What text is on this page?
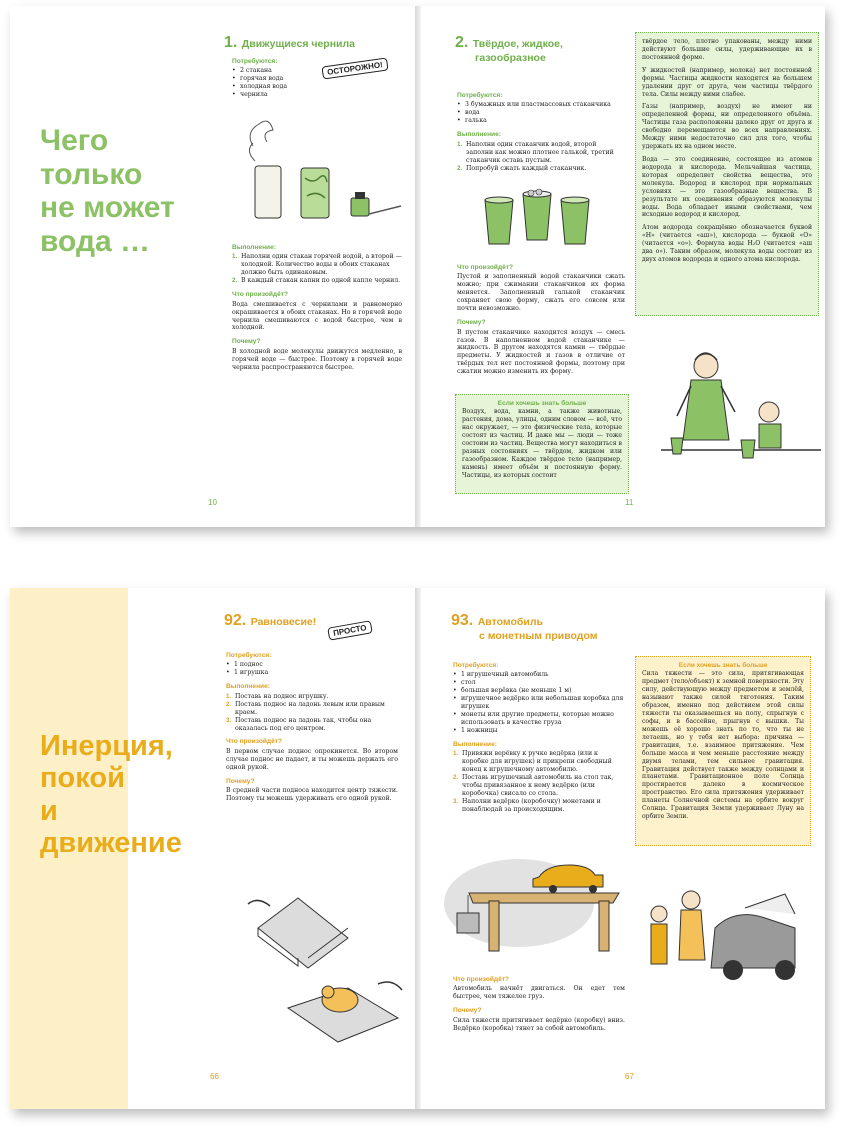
Чего
только
не может
вода …
1. Движущиеся чернила
ОСТОРОЖНО!
Потребуются:
• 2 стакана
• горячая вода
• холодная вода
• чернила
Выполнение:
Наполни один стакан горячей водой, а второй — холодной. Количество воды в обоих стаканах должно быть одинаковым.
В каждый стакан капни по одной капле чернил.
Что произойдёт?

Вода смешивается с чернилами и равномерно окрашивается в обоих стаканах. Но в горячей воде чернила смешиваются с водой быстрее, чем в холодной.

Почему?

В холодной воде молекулы движутся медленно, в горячей воде — быстрее. Поэтому в горячей воде чернила распространяются быстрее.

10
2. Твёрдое, жидкое,
газообразное
Потребуются:
• 3 бумажных или пластмассовых стаканчика
• вода
• галька
Выполнение:
Наполни один стаканчик водой, второй заполни как можно плотнее галькой, третий стаканчик оставь пустым.
Попробуй сжать каждый стаканчик.
Что произойдёт?

Пустой и заполненный водой стаканчики сжать можно; при сжимании стаканчиков их форма меняется. Заполненный галькой стаканчик сохраняет свою форму, сжать его совсем или почти невозможно.

Почему?

В пустом стаканчике находится воздух — смесь газов. В наполненном водой стаканчике — жидкость. В другом находятся камни — твёрдые предметы. У жидкостей и газов в отличие от твёрдых тел нет постоянной формы, поэтому при сжатии можно изменить их форму.

Если хочешь знать больше

Воздух, вода, камни, а также животные, растения, дома, улицы, одним словом — всё, что нас окружает, — это физические тела, которые состоят из частиц. И даже мы — люди — тоже состоим из частиц. Вещества могут находиться в разных состояниях — твёрдом, жидком или газообразном. Каждое твёрдое тело (например, камень) имеет объём и постоянную форму. Частицы, из которых состоит

твёрдое тело, плотно упакованы, между ними действуют большие силы, удерживающие их в постоянной форме.

У жидкостей (например, молока) нет постоянной формы. Частицы жидкости находятся на большем удалении друг от друга, чем частицы твёрдого тела. Силы между ними слабее.

Газы (например, воздух) не имеют ни определенной формы, ни определенного объёма. Частицы газа расположены далеко друг от друга и свободно перемещаются во всех направлениях. Между ними недостаточно сил для того, чтобы удержать их на одном месте.

Вода — это соединение, состоящее из атомов водорода и кислорода. Мельчайшая частица, которая определяет свойства вещества, это молекула. Водород и кислород при нормальных условиях — это газообразные вещества. В результате их соединения образуются молекулы воды. Вода обладает иными свойствами, чем исходные водород и кислород.

Атом водорода сокращённо обозначается буквой «Н» (читается «аш»), кислорода — буквой «О» (читается «о»). Формула воды H₂O (читается «аш два о»). Таким образом, молекула воды состоит из двух атомов водорода и одного атома кислорода.

11
Инерция,
покой
и
движение
92. Равновесие!
ПРОСТО
Потребуются:
• 1 поднос
• 1 игрушка
Выполнение:
Поставь на поднос игрушку.
Поставь поднос на ладонь левым или правым краем.
Поставь поднос на ладонь так, чтобы она оказалась под его центром.
Что произойдёт?

В первом случае поднос опрокинется. Во втором случае поднос не падает, и ты можешь держать его одной рукой.

Почему?

В средней части подноса находится центр тяжести. Поэтому ты можешь удерживать его одной рукой.

66
93. Автомобиль
с монетным приводом
Потребуются:
• 1 игрушечный автомобиль
• стол
• большая верёвка (не меньше 1 м)
• игрушечное ведёрко или небольшая коробка для игрушек
• монеты или другие предметы, которые можно использовать в качестве груза
• 1 ножницы
Выполнение:
Привяжи верёвку к ручке ведёрка (или к коробке для игрушек) и прикрепи свободный конец к игрушечному автомобилю.
Поставь игрушечный автомобиль на стол так, чтобы привязанное к нему ведёрко (или коробочка) свисало со стола.
Наполни ведёрко (коробочку) монетами и понаблюдай за происходящим.
Что произойдёт?

Автомобиль начнёт двигаться. Он едет тем быстрее, чем тяжелее груз.

Почему?

Сила тяжести притягивает ведёрко (коробку) вниз. Ведёрко (коробка) тянет за собой автомобиль.

Если хочешь знать больше

Сила тяжести — это сила, притягивающая предмет (тело/объект) к земной поверхности. Эту силу, действующую между предметом и землёй, называют также силой тяготения. Таким образом, именно под действием этой силы тяжести ты оказываешься на полу, спрыгнув с софы, и в бассейне, прыгнув с вышки. Ты можешь её хорошо знать по то, что ты не летаешь, но у тебя нет выбора: причина — гравитация, т.е. взаимное притяжение. Чем больше масса и чем меньше расстояние между двумя телами, тем сильнее гравитация. Гравитация действует также между солнцами и планетами. Гравитационное поле Солнца простирается далеко в космическое пространство. Его сила притяжения удерживает планеты Солнечной системы на орбите вокруг Солнца. Гравитация Земли удерживает Луну на орбите Земли.

67
